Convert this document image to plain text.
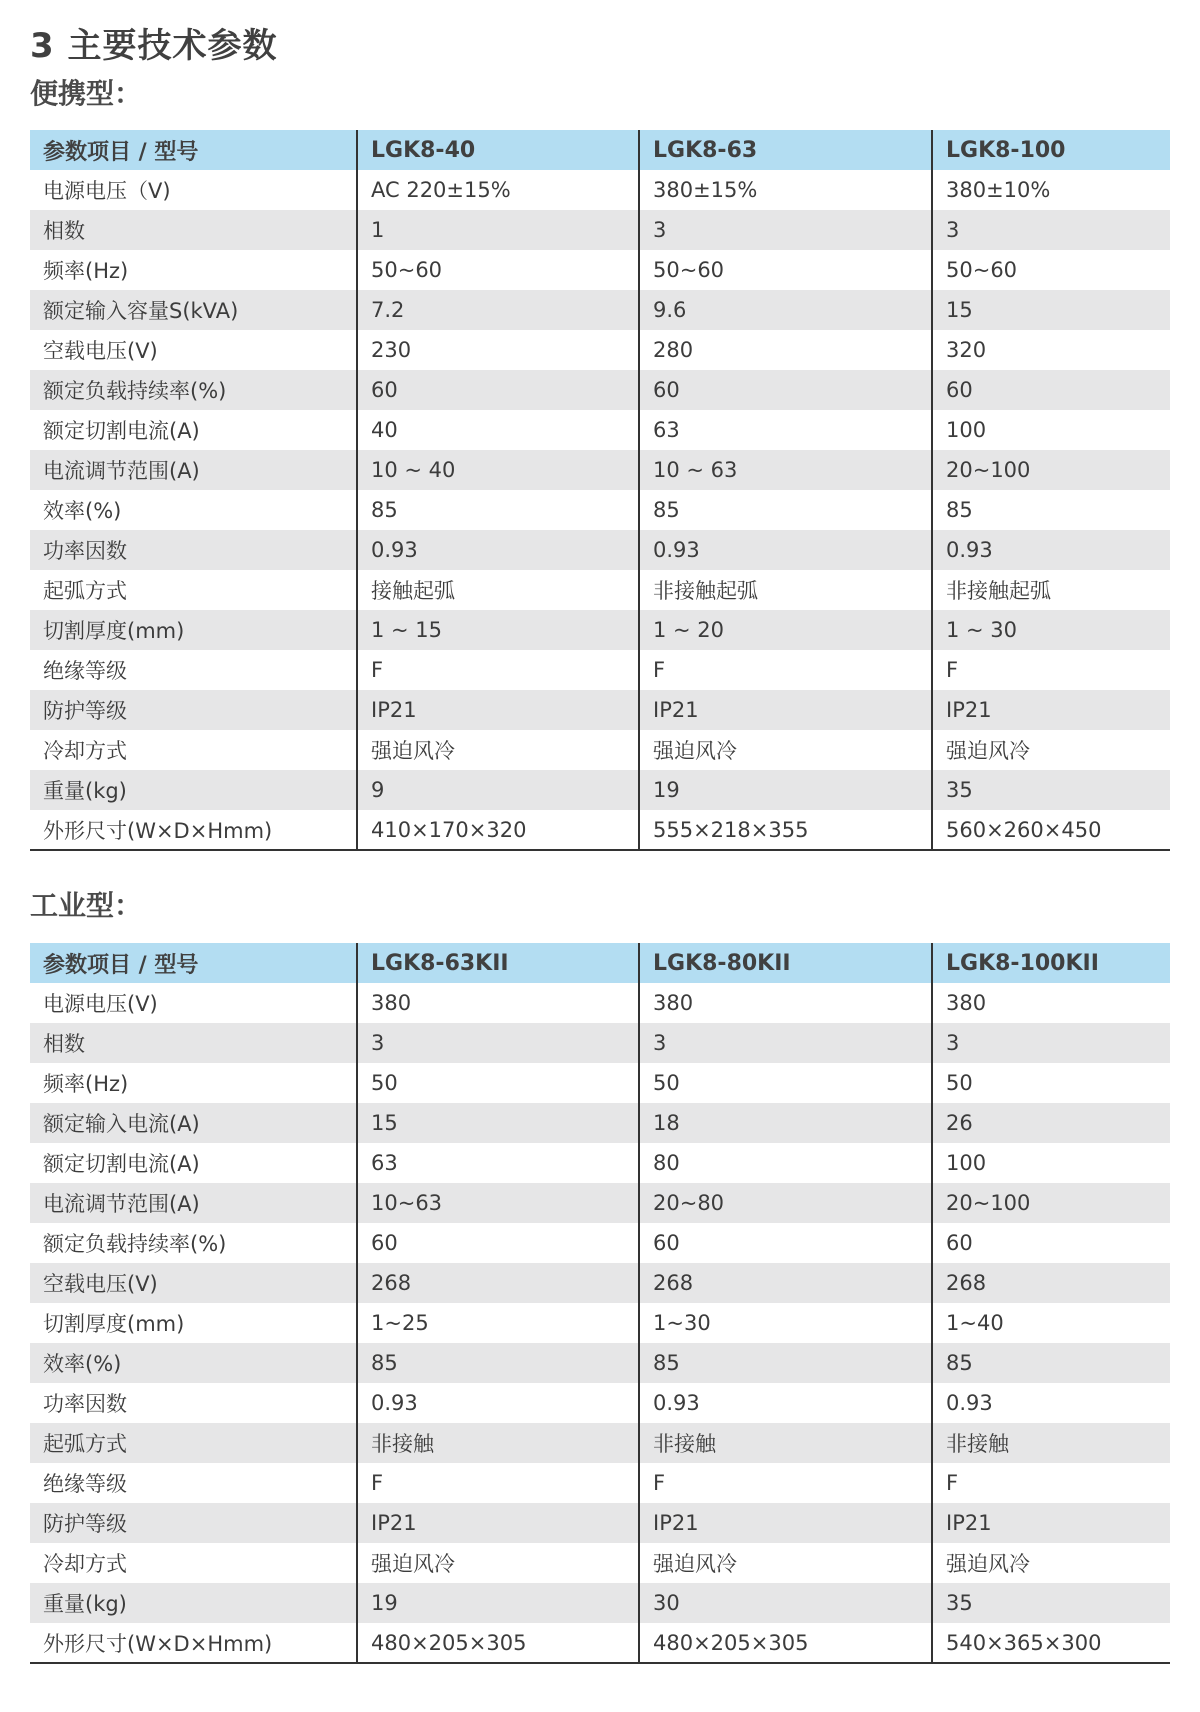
3 主要技术参数
便携型：
参数项目 / 型号	LGK8-40	LGK8-63	LGK8-100
电源电压（V)	AC 220±15%	380±15%	380±10%
相数	1	3	3
频率(Hz)	50~60	50~60	50~60
额定输入容量S(kVA)	7.2	9.6	15
空载电压(V)	230	280	320
额定负载持续率(%)	60	60	60
额定切割电流(A)	40	63	100
电流调节范围(A)	10 ~ 40	10 ~ 63	20~100
效率(%)	85	85	85
功率因数	0.93	0.93	0.93
起弧方式	接触起弧	非接触起弧	非接触起弧
切割厚度(mm)	1 ~ 15	1 ~ 20	1 ~ 30
绝缘等级	F	F	F
防护等级	IP21	IP21	IP21
冷却方式	强迫风冷	强迫风冷	强迫风冷
重量(kg)	9	19	35
外形尺寸(W×D×Hmm)	410×170×320	555×218×355	560×260×450
工业型：
参数项目 / 型号	LGK8-63KII	LGK8-80KII	LGK8-100KII
电源电压(V)	380	380	380
相数	3	3	3
频率(Hz)	50	50	50
额定输入电流(A)	15	18	26
额定切割电流(A)	63	80	100
电流调节范围(A)	10~63	20~80	20~100
额定负载持续率(%)	60	60	60
空载电压(V)	268	268	268
切割厚度(mm)	1~25	1~30	1~40
效率(%)	85	85	85
功率因数	0.93	0.93	0.93
起弧方式	非接触	非接触	非接触
绝缘等级	F	F	F
防护等级	IP21	IP21	IP21
冷却方式	强迫风冷	强迫风冷	强迫风冷
重量(kg)	19	30	35
外形尺寸(W×D×Hmm)	480×205×305	480×205×305	540×365×300
